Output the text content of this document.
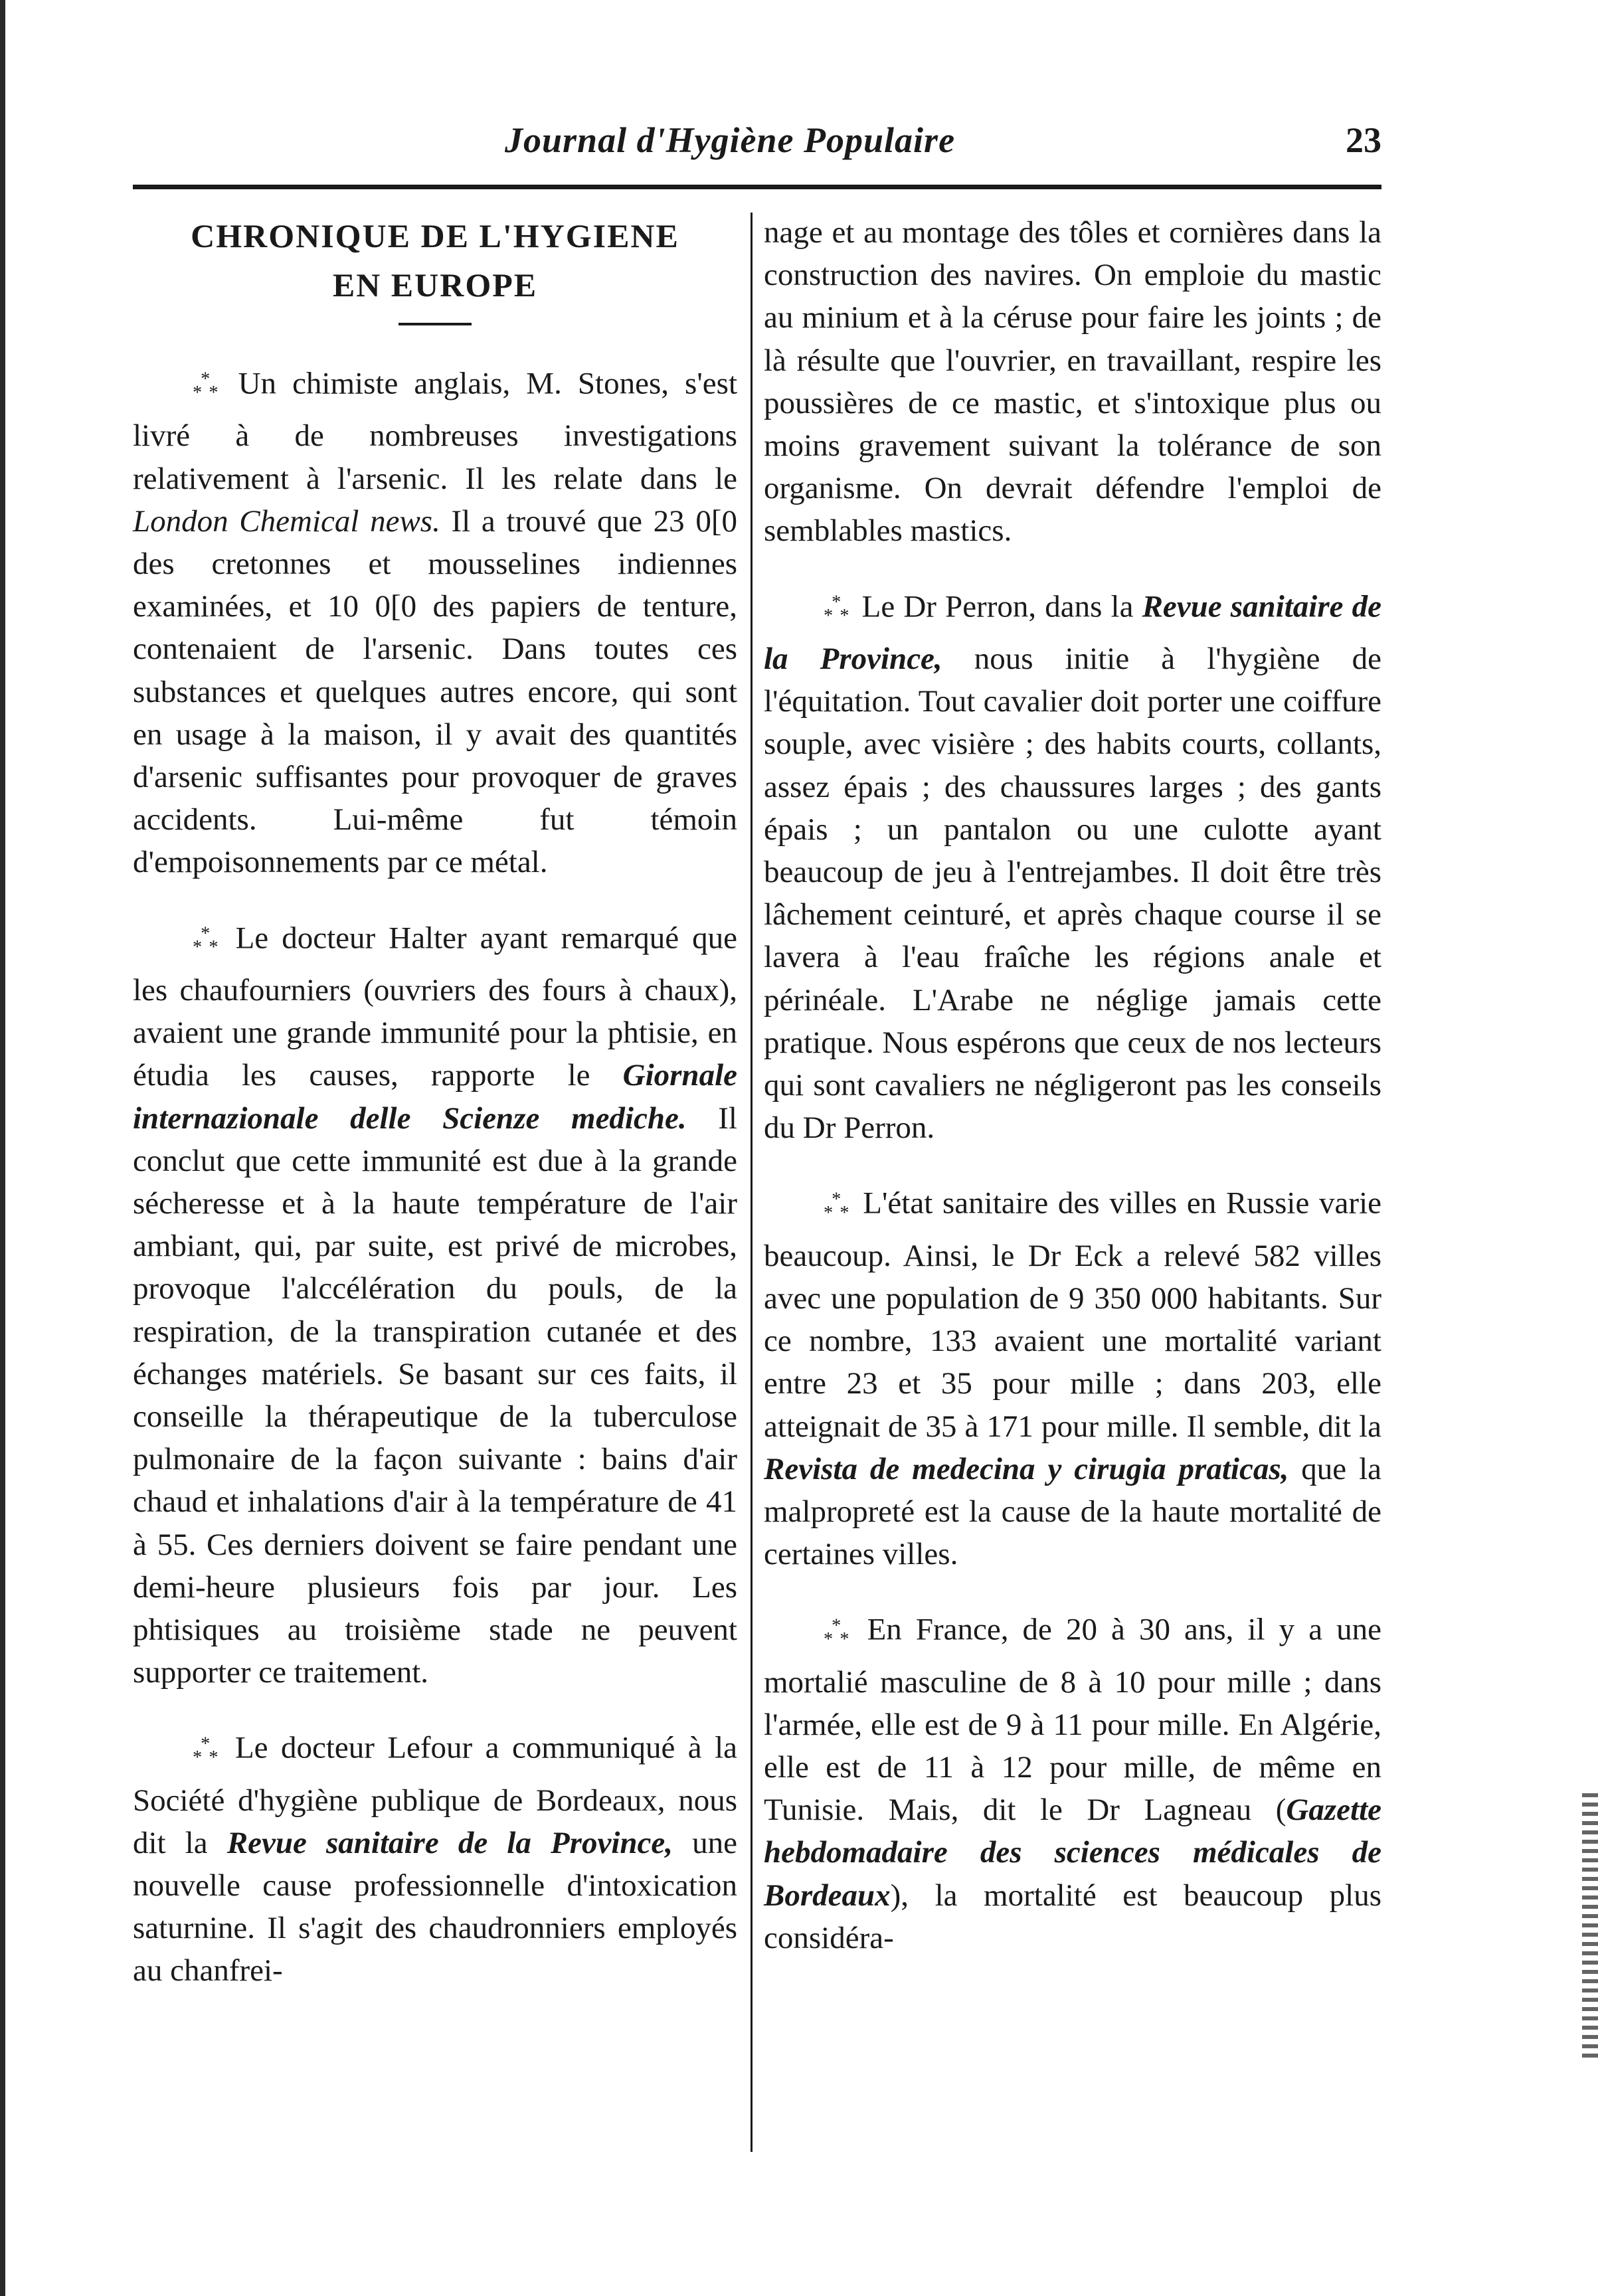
Journal d'Hygiène Populaire	23
CHRONIQUE DE L'HYGIENE
EN EUROPE

$_*$*$_*$ Un chimiste anglais, M. Stones, s'est livré à de nombreuses investigations relativement à l'arsenic. Il les relate dans le London Chemical news. Il a trouvé que 23 0[0 des cretonnes et mousselines indiennes examinées, et 10 0[0 des papiers de tenture, contenaient de l'arsenic. Dans toutes ces substances et quelques autres encore, qui sont en usage à la maison, il y avait des quantités d'arsenic suffisantes pour provoquer de graves accidents. Lui-même fut témoin d'empoisonnements par ce métal.

$_*$*$_*$ Le docteur Halter ayant remarqué que les chaufourniers (ouvriers des fours à chaux), avaient une grande immunité pour la phtisie, en étudia les causes, rapporte le Giornale internazionale delle Scienze mediche. Il conclut que cette immunité est due à la grande sécheresse et à la haute température de l'air ambiant, qui, par suite, est privé de microbes, provoque l'alccélération du pouls, de la respiration, de la transpiration cutanée et des échanges matériels. Se basant sur ces faits, il conseille la thérapeutique de la tuberculose pulmonaire de la façon suivante : bains d'air chaud et inhalations d'air à la température de 41 à 55. Ces derniers doivent se faire pendant une demi-heure plusieurs fois par jour. Les phtisiques au troisième stade ne peuvent supporter ce traitement.

$_*$*$_*$ Le docteur Lefour a communiqué à la Société d'hygiène publique de Bordeaux, nous dit la Revue sanitaire de la Province, une nouvelle cause professionnelle d'intoxication saturnine. Il s'agit des chaudronniers employés au chanfrei-

nage et au montage des tôles et cornières dans la construction des navires. On emploie du mastic au minium et à la céruse pour faire les joints ; de là résulte que l'ouvrier, en travaillant, respire les poussières de ce mastic, et s'intoxique plus ou moins gravement suivant la tolérance de son organisme. On devrait défendre l'emploi de semblables mastics.

$_*$*$_*$ Le Dr Perron, dans la Revue sanitaire de la Province, nous initie à l'hygiène de l'équitation. Tout cavalier doit porter une coiffure souple, avec visière ; des habits courts, collants, assez épais ; des chaussures larges ; des gants épais ; un pantalon ou une culotte ayant beaucoup de jeu à l'entrejambes. Il doit être très lâchement ceinturé, et après chaque course il se lavera à l'eau fraîche les régions anale et périnéale. L'Arabe ne néglige jamais cette pratique. Nous espérons que ceux de nos lecteurs qui sont cavaliers ne négligeront pas les conseils du Dr Perron.

$_*$*$_*$ L'état sanitaire des villes en Russie varie beaucoup. Ainsi, le Dr Eck a relevé 582 villes avec une population de 9 350 000 habitants. Sur ce nombre, 133 avaient une mortalité variant entre 23 et 35 pour mille ; dans 203, elle atteignait de 35 à 171 pour mille. Il semble, dit la Revista de medecina y cirugia praticas, que la malpropreté est la cause de la haute mortalité de certaines villes.

$_*$*$_*$ En France, de 20 à 30 ans, il y a une mortalié masculine de 8 à 10 pour mille ; dans l'armée, elle est de 9 à 11 pour mille. En Algérie, elle est de 11 à 12 pour mille, de même en Tunisie. Mais, dit le Dr Lagneau (Gazette hebdomadaire des sciences médicales de Bordeaux), la mortalité est beaucoup plus considéra-
